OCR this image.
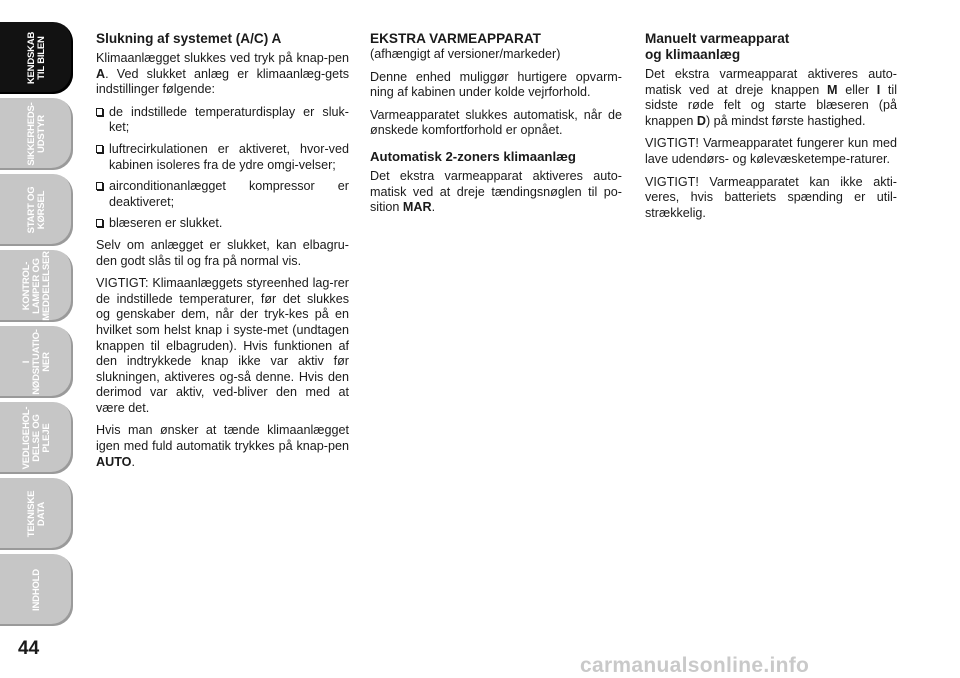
KENDSKAB
TIL BILEN
SIKKERHEDS-
UDSTYR
START OG
KØRSEL
KONTROL-
LAMPER OG
MEDDELELSER
I
NØDSITUATIO-
NER
VEDLIGEHOL-
DELSE OG PLEJE
TEKNISKE
DATA
INDHOLD
44
Slukning af systemet (A/C) A

Klimaanlægget slukkes ved tryk på knap-pen A. Ved slukket anlæg er klimaanlæg-gets indstillinger følgende:

de indstillede temperaturdisplay er sluk-ket;
luftrecirkulationen er aktiveret, hvor-ved kabinen isoleres fra de ydre omgi-velser;
airconditionanlægget kompressor er deaktiveret;
blæseren er slukket.

Selv om anlægget er slukket, kan elbagru-den godt slås til og fra på normal vis.

VIGTIGT: Klimaanlæggets styreenhed lag-rer de indstillede temperaturer, før det slukkes og genskaber dem, når der tryk-kes på en hvilket som helst knap i syste-met (undtagen knappen til elbagruden). Hvis funktionen af den indtrykkede knap ikke var aktiv før slukningen, aktiveres og-så denne. Hvis den derimod var aktiv, ved-bliver den med at være det.

Hvis man ønsker at tænde klimaanlægget igen med fuld automatik trykkes på knap-pen AUTO.

EKSTRA VARMEAPPARAT

(afhængigt af versioner/markeder)

Denne enhed muliggør hurtigere opvarm-ning af kabinen under kolde vejrforhold.

Varmeapparatet slukkes automatisk, når de ønskede komfortforhold er opnået.

Automatisk 2-zoners klimaanlæg

Det ekstra varmeapparat aktiveres auto-matisk ved at dreje tændingsnøglen til po-sition MAR.

Manuelt varmeapparat
og klimaanlæg

Det ekstra varmeapparat aktiveres auto-matisk ved at dreje knappen M eller I til sidste røde felt og starte blæseren (på knappen D) på mindst første hastighed.

VIGTIGT! Varmeapparatet fungerer kun med lave udendørs- og kølevæsketempe-raturer.

VIGTIGT! Varmeapparatet kan ikke akti-veres, hvis batteriets spænding er util-strækkelig.

carmanualsonline.info
